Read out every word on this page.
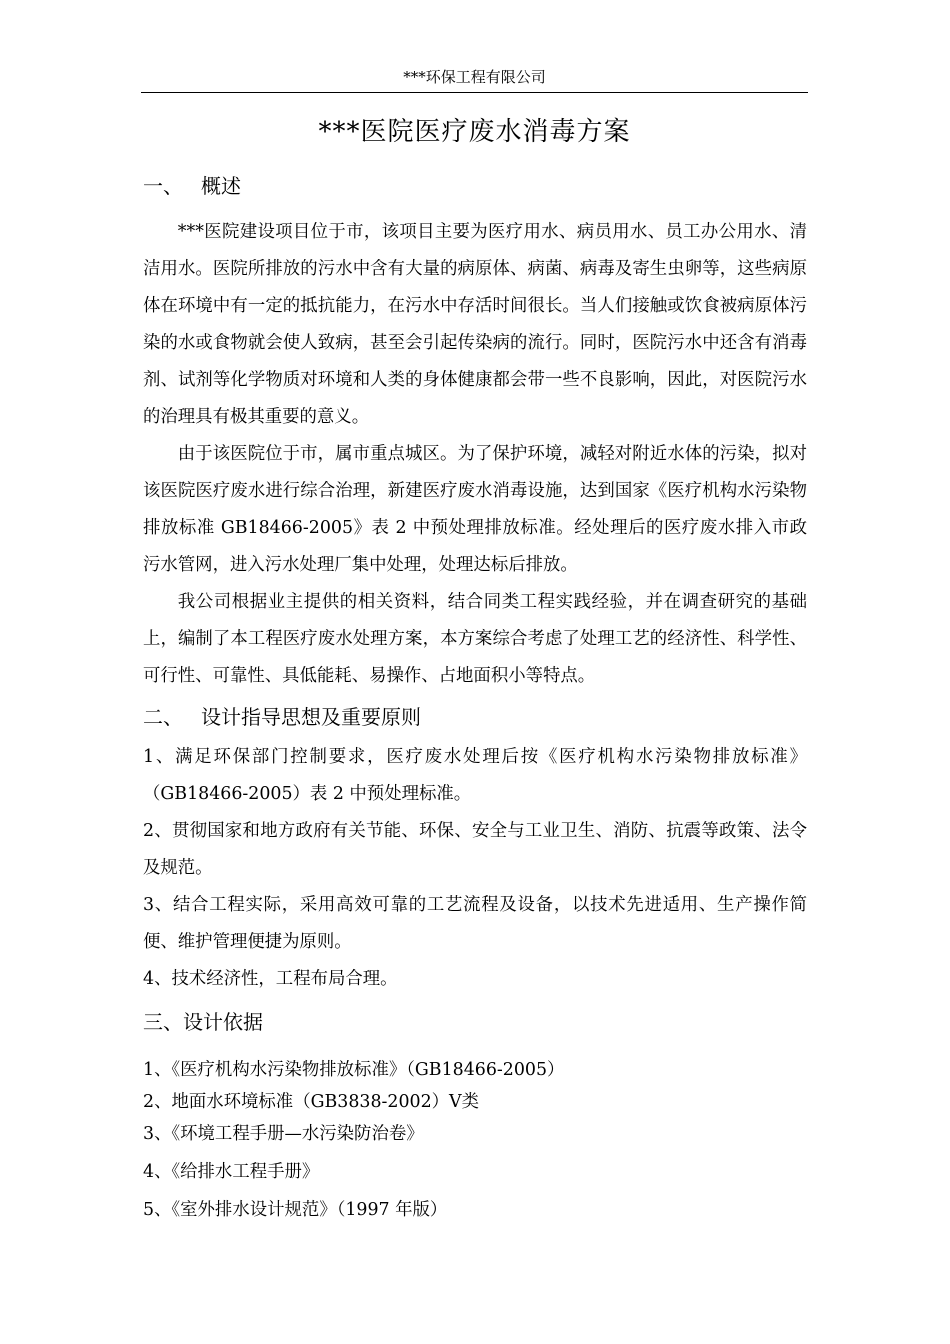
***环保工程有限公司
***医院医疗废水消毒方案
一、 概述

***医院建设项目位于市，该项目主要为医疗用水、病员用水、员工办公用水、清洁用水。医院所排放的污水中含有大量的病原体、病菌、病毒及寄生虫卵等，这些病原体在环境中有一定的抵抗能力，在污水中存活时间很长。当人们接触或饮食被病原体污染的水或食物就会使人致病，甚至会引起传染病的流行。同时，医院污水中还含有消毒剂、试剂等化学物质对环境和人类的身体健康都会带一些不良影响，因此，对医院污水的治理具有极其重要的意义。

由于该医院位于市，属市重点城区。为了保护环境，减轻对附近水体的污染，拟对该医院医疗废水进行综合治理，新建医疗废水消毒设施，达到国家《医疗机构水污染物排放标准 GB18466-2005》表 2 中预处理排放标准。经处理后的医疗废水排入市政污水管网，进入污水处理厂集中处理，处理达标后排放。

我公司根据业主提供的相关资料，结合同类工程实践经验，并在调查研究的基础上，编制了本工程医疗废水处理方案，本方案综合考虑了处理工艺的经济性、科学性、可行性、可靠性、具低能耗、易操作、占地面积小等特点。

二、 设计指导思想及重要原则

1、满足环保部门控制要求，医疗废水处理后按《医疗机构水污染物排放标准》（GB18466-2005）表 2 中预处理标准。

2、贯彻国家和地方政府有关节能、环保、安全与工业卫生、消防、抗震等政策、法令及规范。

3、结合工程实际，采用高效可靠的工艺流程及设备，以技术先进适用、生产操作简便、维护管理便捷为原则。

4、技术经济性，工程布局合理。

三、设计依据

1、《医疗机构水污染物排放标准》（GB18466-2005）

2、地面水环境标准（GB3838-2002）V类

3、《环境工程手册—水污染防治卷》

4、《给排水工程手册》

5、《室外排水设计规范》（1997 年版）
